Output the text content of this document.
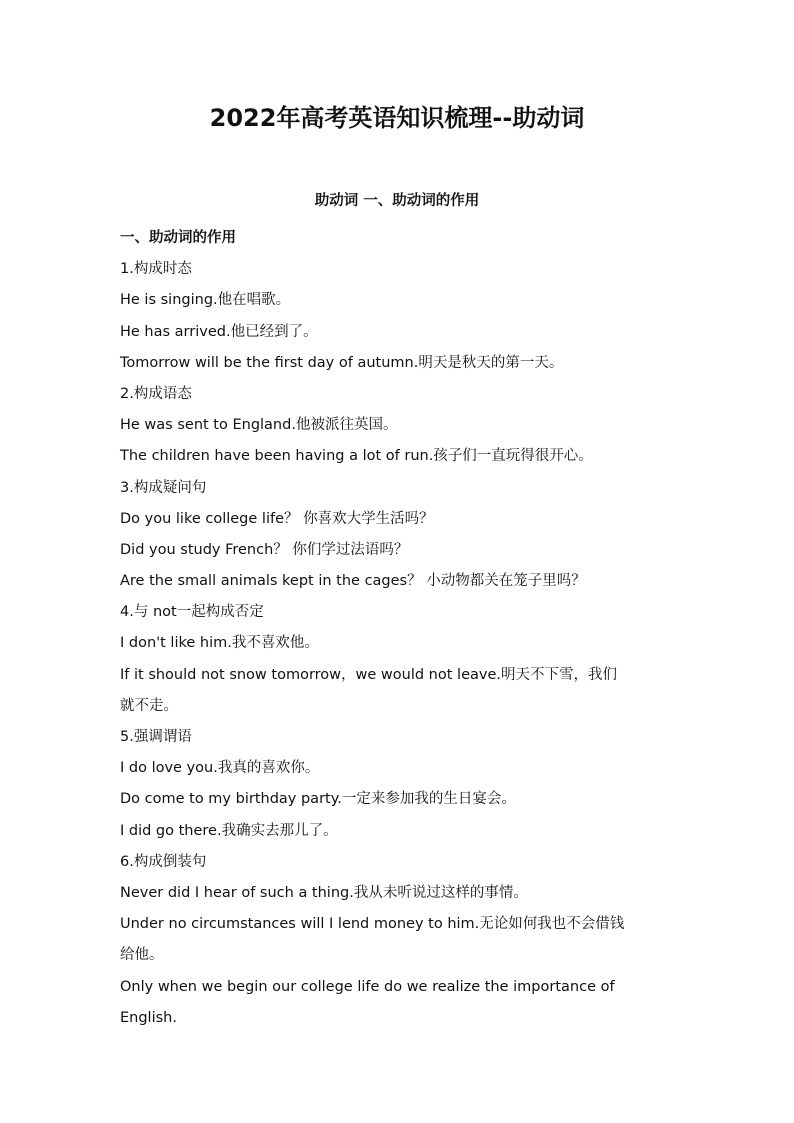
2022年高考英语知识梳理--助动词
助动词 一、助动词的作用
一、助动词的作用
1.构成时态
He is singing.他在唱歌。
He has arrived.他已经到了。
Tomorrow will be the first day of autumn.明天是秋天的第一天。
2.构成语态
He was sent to England.他被派往英国。
The children have been having a lot of run.孩子们一直玩得很开心。
3.构成疑问句
Do you like college life？ 你喜欢大学生活吗？
Did you study French？ 你们学过法语吗？
Are the small animals kept in the cages？ 小动物都关在笼子里吗？
4.与 not一起构成否定
I don't like him.我不喜欢他。
If it should not snow tomorrow，we would not leave.明天不下雪，我们
就不走。
5.强调谓语
I do love you.我真的喜欢你。
Do come to my birthday party.一定来参加我的生日宴会。
I did go there.我确实去那儿了。
6.构成倒装句
Never did I hear of such a thing.我从未听说过这样的事情。
Under no circumstances will I lend money to him.无论如何我也不会借钱
给他。
Only when we begin our college life do we realize the importance of
English.
